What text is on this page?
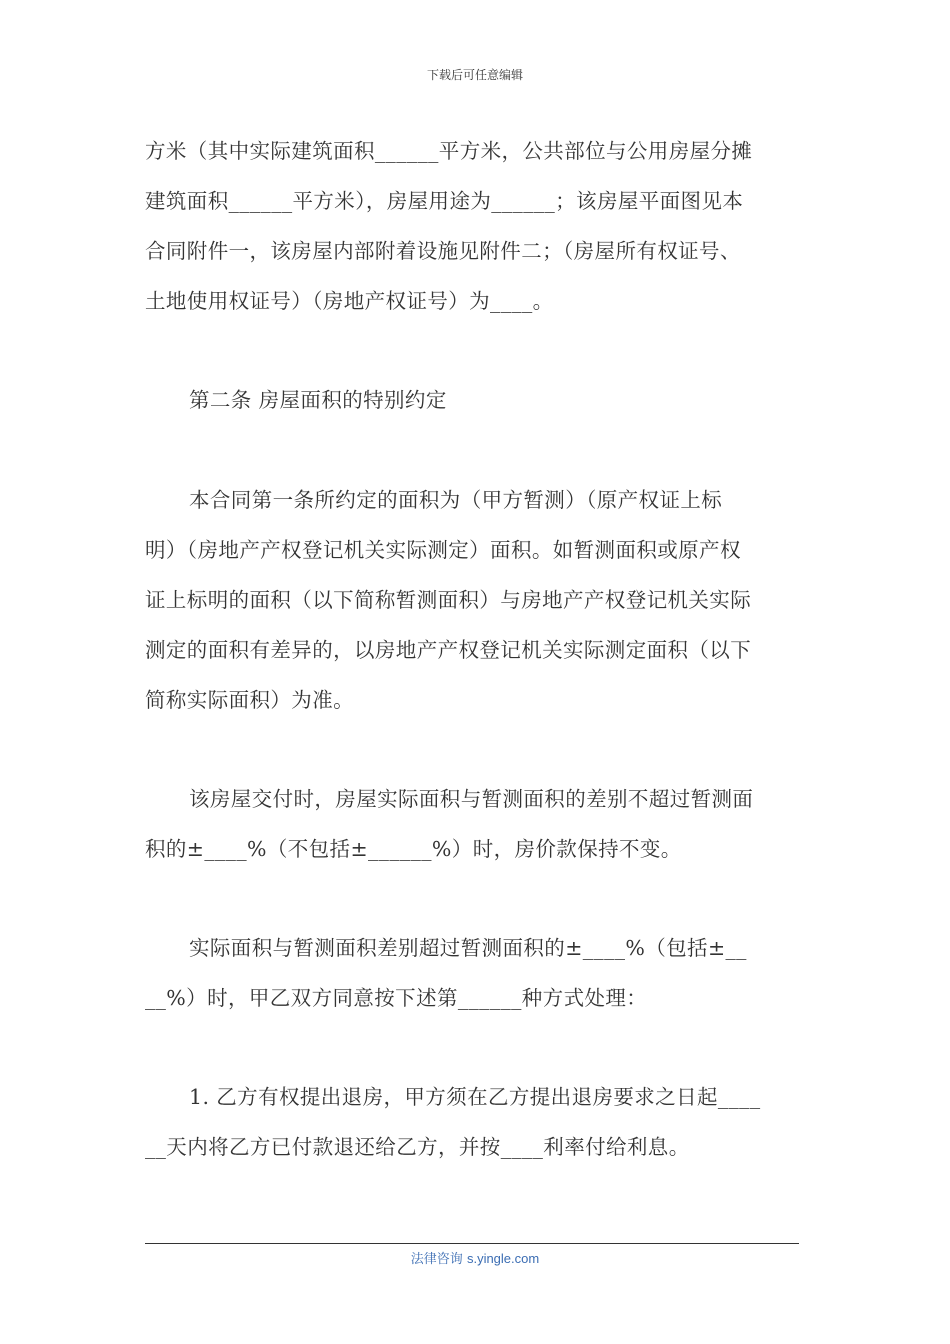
下载后可任意编辑
方米（其中实际建筑面积______平方米，公共部位与公用房屋分摊
建筑面积______平方米），房屋用途为______；该房屋平面图见本
合同附件一，该房屋内部附着设施见附件二；（房屋所有权证号、
土地使用权证号）（房地产权证号）为____。
第二条 房屋面积的特别约定
本合同第一条所约定的面积为（甲方暂测）（原产权证上标
明）（房地产产权登记机关实际测定）面积。如暂测面积或原产权
证上标明的面积（以下简称暂测面积）与房地产产权登记机关实际
测定的面积有差异的，以房地产产权登记机关实际测定面积（以下
简称实际面积）为准。
该房屋交付时，房屋实际面积与暂测面积的差别不超过暂测面
积的±____%（不包括±______%）时，房价款保持不变。
实际面积与暂测面积差别超过暂测面积的±____%（包括±__
__%）时，甲乙双方同意按下述第______种方式处理：
1. 乙方有权提出退房，甲方须在乙方提出退房要求之日起____
__天内将乙方已付款退还给乙方，并按____利率付给利息。
法律咨询 s.yingle.com
